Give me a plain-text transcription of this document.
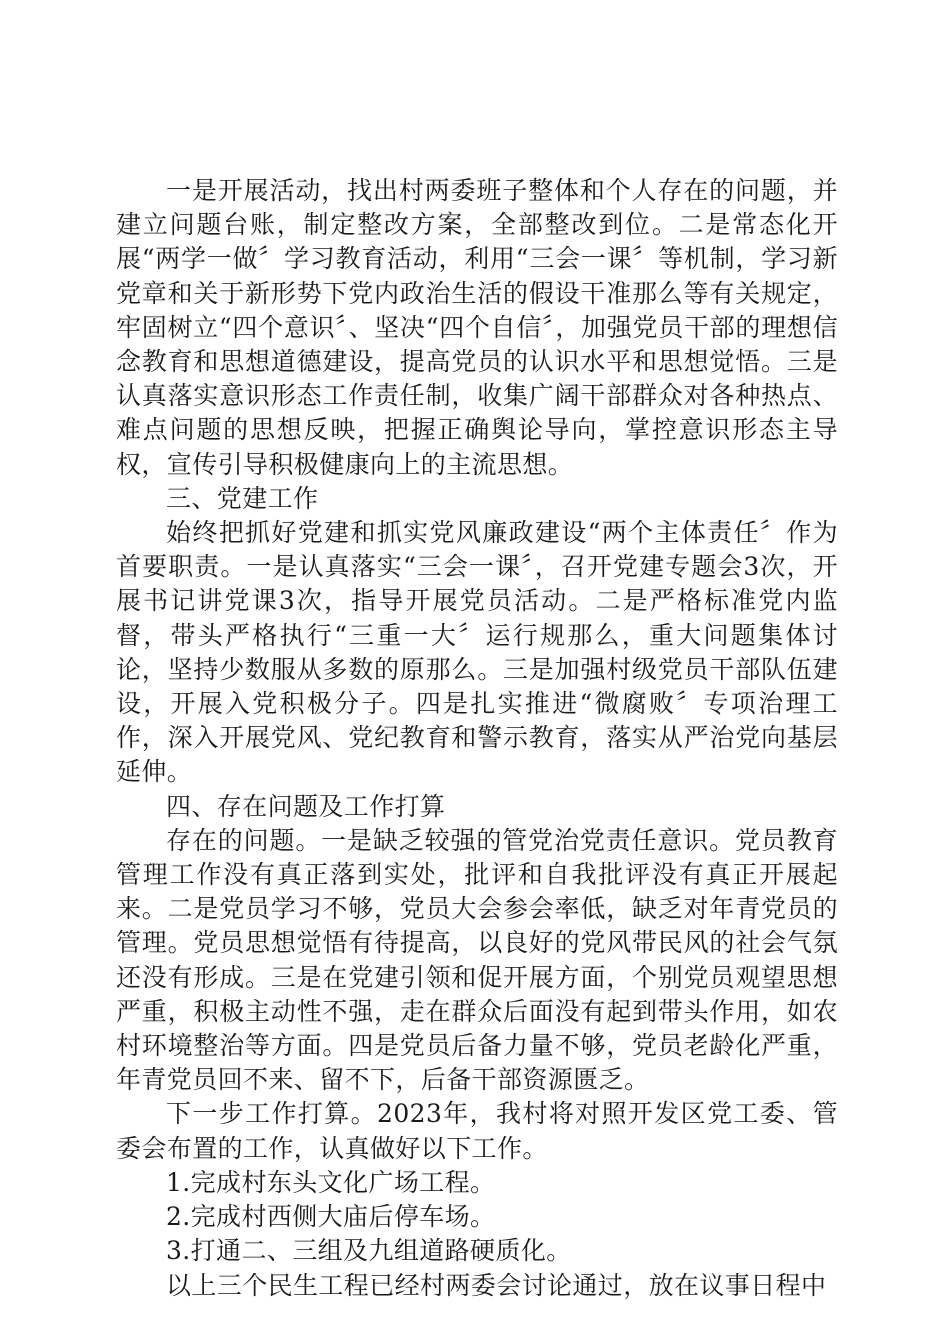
一是开展活动，找出村两委班子整体和个人存在的问题，并建立问题台账，制定整改方案，全部整改到位。二是常态化开展“两学一做〞学习教育活动，利用“三会一课〞等机制，学习新党章和关于新形势下党内政治生活的假设干准那么等有关规定，牢固树立“四个意识〞、坚决“四个自信〞，加强党员干部的理想信念教育和思想道德建设，提高党员的认识水平和思想觉悟。三是认真落实意识形态工作责任制，收集广阔干部群众对各种热点、难点问题的思想反映，把握正确舆论导向，掌控意识形态主导权，宣传引导积极健康向上的主流思想。

三、党建工作

始终把抓好党建和抓实党风廉政建设“两个主体责任〞作为首要职责。一是认真落实“三会一课〞，召开党建专题会3次，开展书记讲党课3次，指导开展党员活动。二是严格标准党内监督，带头严格执行“三重一大〞运行规那么，重大问题集体讨论，坚持少数服从多数的原那么。三是加强村级党员干部队伍建设，开展入党积极分子。四是扎实推进“微腐败〞专项治理工作，深入开展党风、党纪教育和警示教育，落实从严治党向基层延伸。

四、存在问题及工作打算

存在的问题。一是缺乏较强的管党治党责任意识。党员教育管理工作没有真正落到实处，批评和自我批评没有真正开展起来。二是党员学习不够，党员大会参会率低，缺乏对年青党员的管理。党员思想觉悟有待提高，以良好的党风带民风的社会气氛还没有形成。三是在党建引领和促开展方面，个别党员观望思想严重，积极主动性不强，走在群众后面没有起到带头作用，如农村环境整治等方面。四是党员后备力量不够，党员老龄化严重，年青党员回不来、留不下，后备干部资源匮乏。

下一步工作打算。2023年，我村将对照开发区党工委、管委会布置的工作，认真做好以下工作。

1.完成村东头文化广场工程。

2.完成村西侧大庙后停车场。

3.打通二、三组及九组道路硬质化。

以上三个民生工程已经村两委会讨论通过，放在议事日程中
